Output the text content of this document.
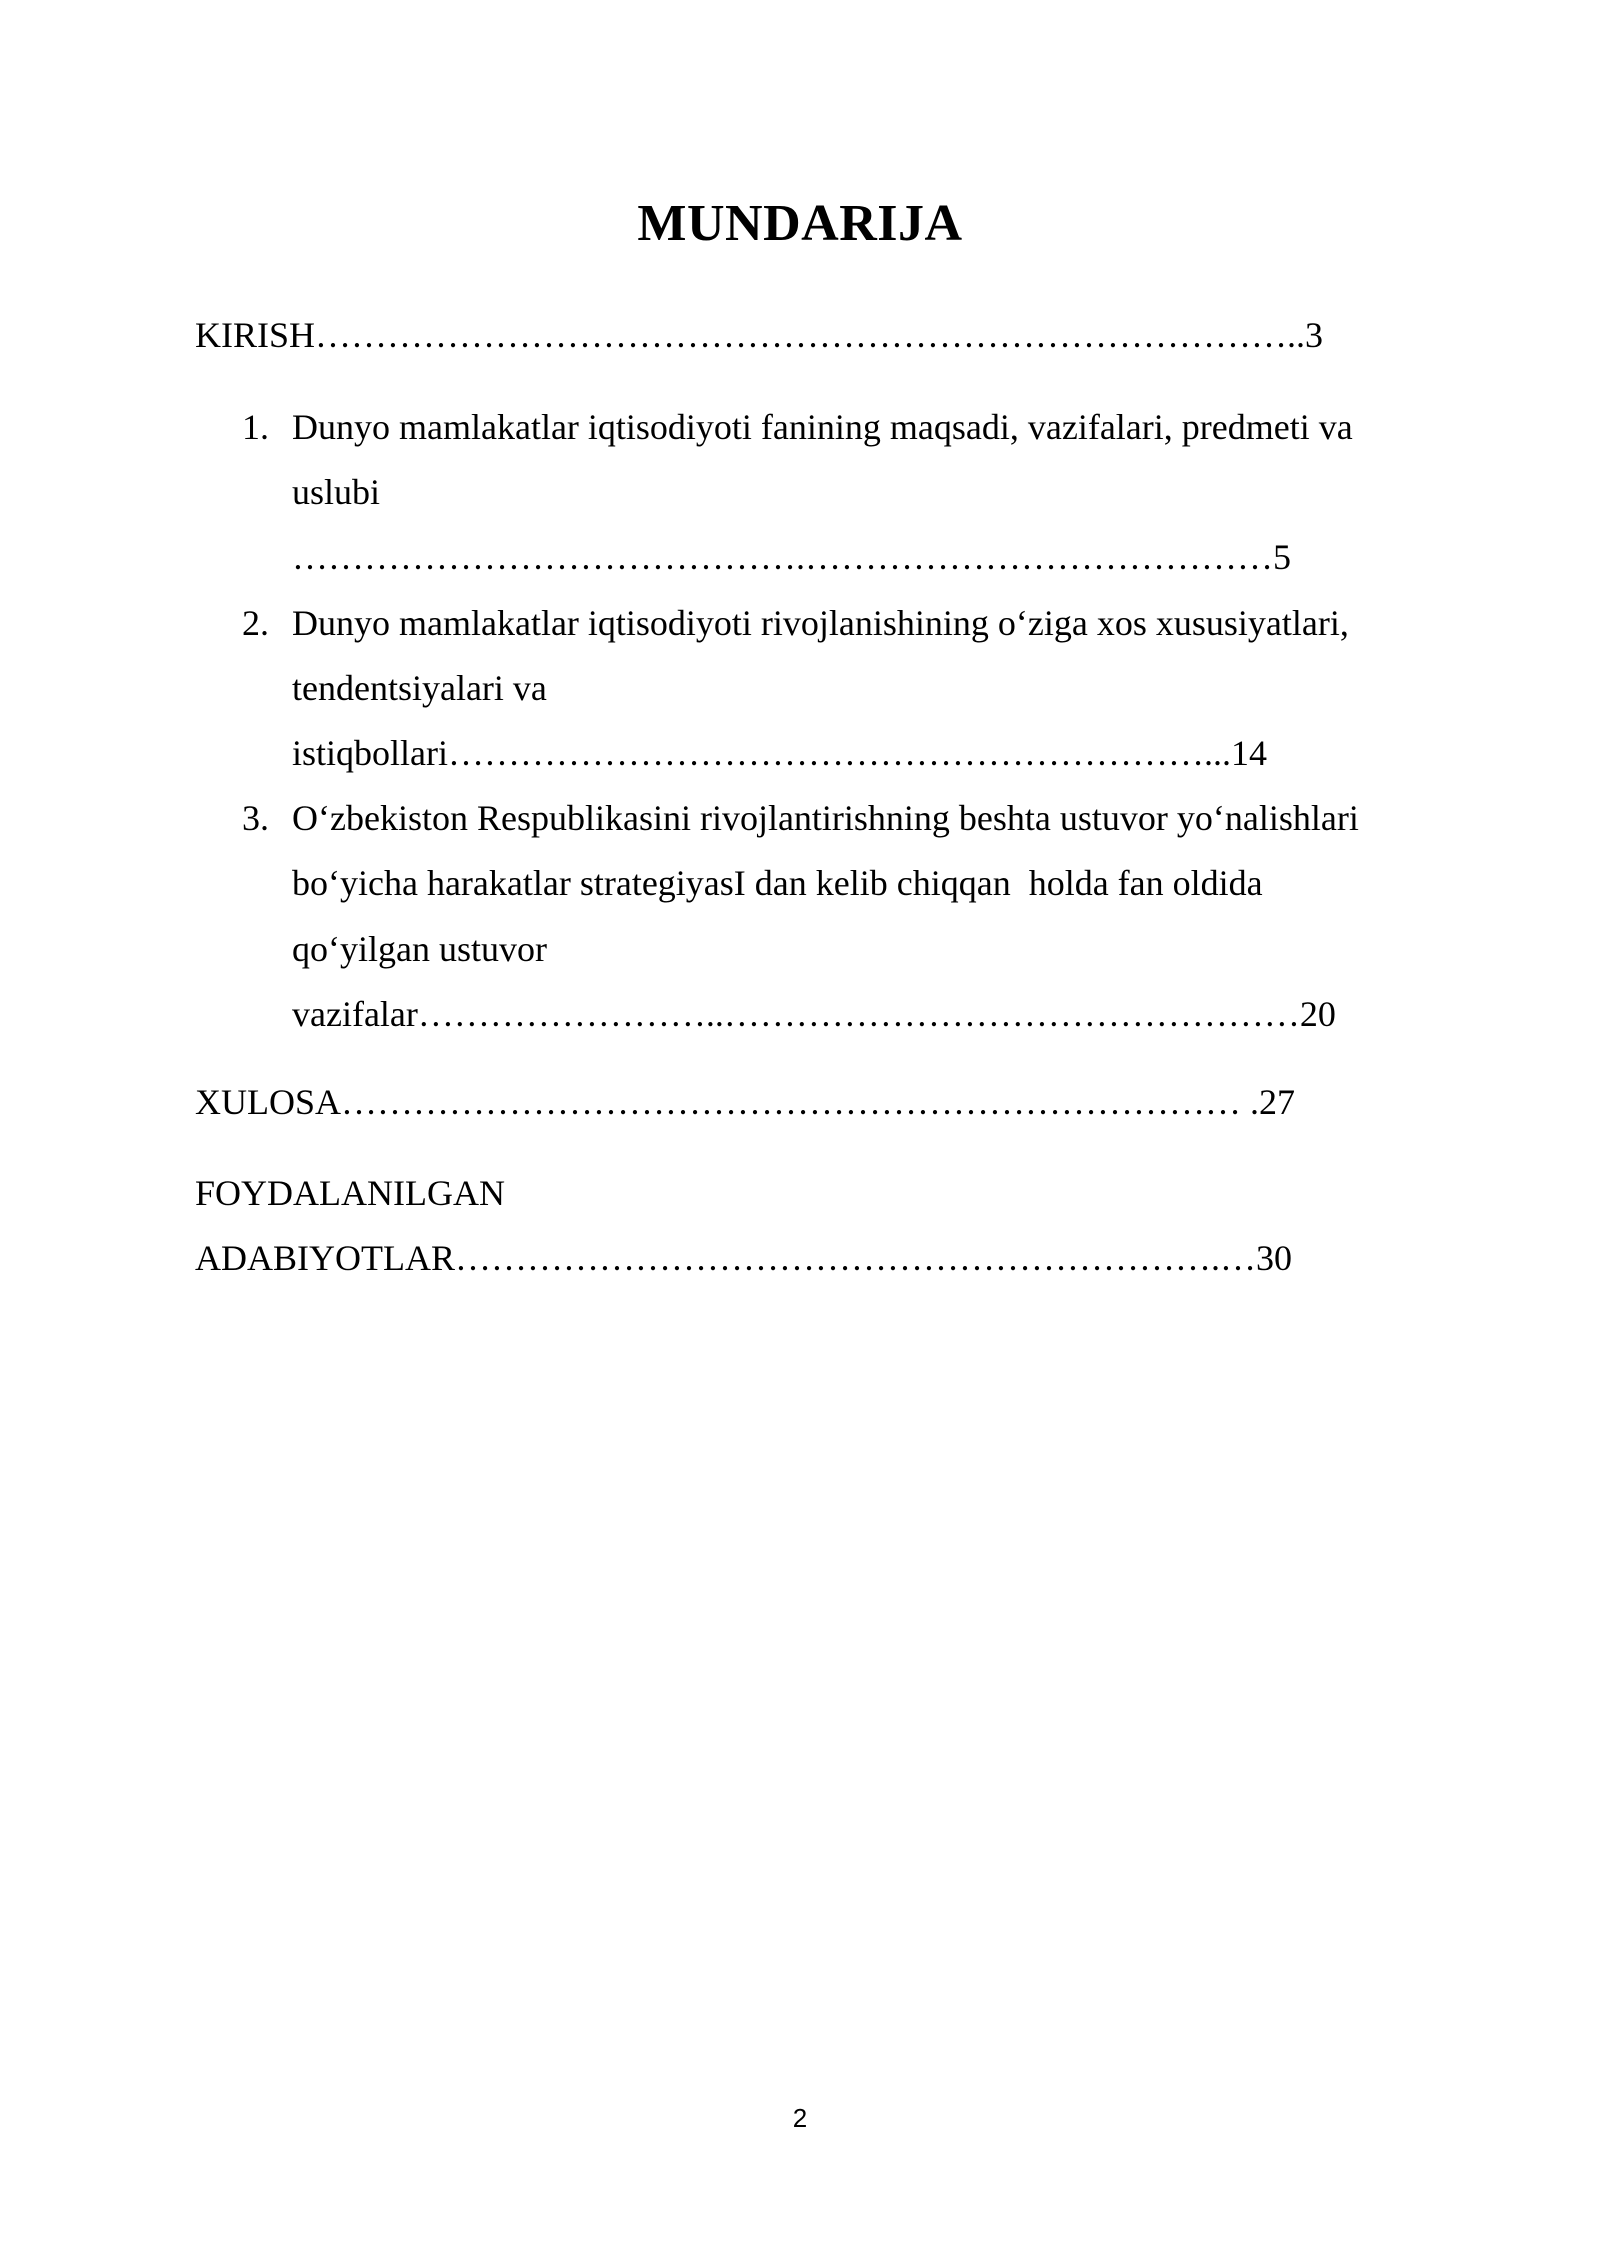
MUNDARIJA
KIRISH………………………………………………………………………..3
1. Dunyo mamlakatlar iqtisodiyoti fanining maqsadi, vazifalari, predmeti va
uslubi
…………………………………….…………………………………5
2. Dunyo mamlakatlar iqtisodiyoti rivojlanishining o‘ziga xos xususiyatlari,
tendentsiyalari va
istiqbollari………………………………………………………...14
3. O‘zbekiston Respublikasini rivojlantirishning beshta ustuvor yo‘nalishlari
bo‘yicha harakatlar strategiyasI dan kelib chiqqan  holda fan oldida
qo‘yilgan ustuvor
vazifalar……………………..…………………………………………20
XULOSA………………………………………………………………… .27
FOYDALANILGAN
ADABIYOTLAR……………………………………………………….…30
2
